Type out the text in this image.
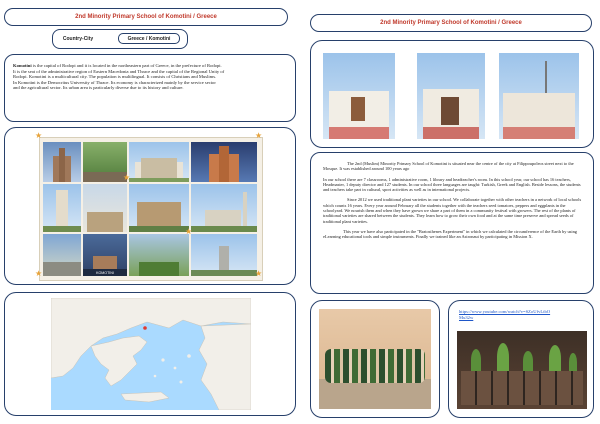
2nd Minority Primary School of Komotini / Greece
Country-City	Greece / Komotini

Komotini is the capital of Rodopi and it is located in the northeastern part of Greece, in the prefecture of Rodopi.

It is the seat of the administrative region of Eastern Macedonia and Thrace and the capital of the Regional Unity of

Rodopi. Komotini is a multicultural city. The population is multilingual. It consists of Christians and Muslims.

In Komotini is the Democritus University of Thrace. Its economy is characterized mainly by the service sector

and the agricultural sector. Its urban area is particularly diverse due to its history and culture.

KOMOTINI
★
★
★
★
★	★
2nd Minority Primary School of Komotini / Greece

The 2nd (Muslim) Minority Primary School of Komotini is situated near the centre of the city at Filippoupoleos street next to the Mosque. It was established around 100 years ago

In our school there are 7 classrooms, 1 administrative room, 1 library and headteacher's room. In this school year, our school has 16 teachers, Headmaster, 1 deputy director and 127 students. In our school three languages are taught: Turkish, Greek and English. Beside lessons, the students and teachers take part in cultural, sport activities as well as in international projects.

Since 2012 we used traditional plant varieties in our school. We collaborate together with other teachers in a network of local schools which counts 16 years. Every year around February all the students together with the teachers seed tomatoes, peppers and eggplants in the schoolyard. We nourish them and when they have grown we share a part of them in a community festival with growers. The rest of the plants of traditional varieties are shared between the students. They learn how to grow their own food and at the same time preserve and spread seeds of traditional plant varieties.

This year we have also participated in the "Bratosthenes Experiment" in which we calculated the circumference of the Earth by using eLearning educational tools and simple instruments. Finally we trained like an Astronaut by participating in Mission X.

https://www.youtube.com/watch?v=SZoUfvLtbO
Mu32w
